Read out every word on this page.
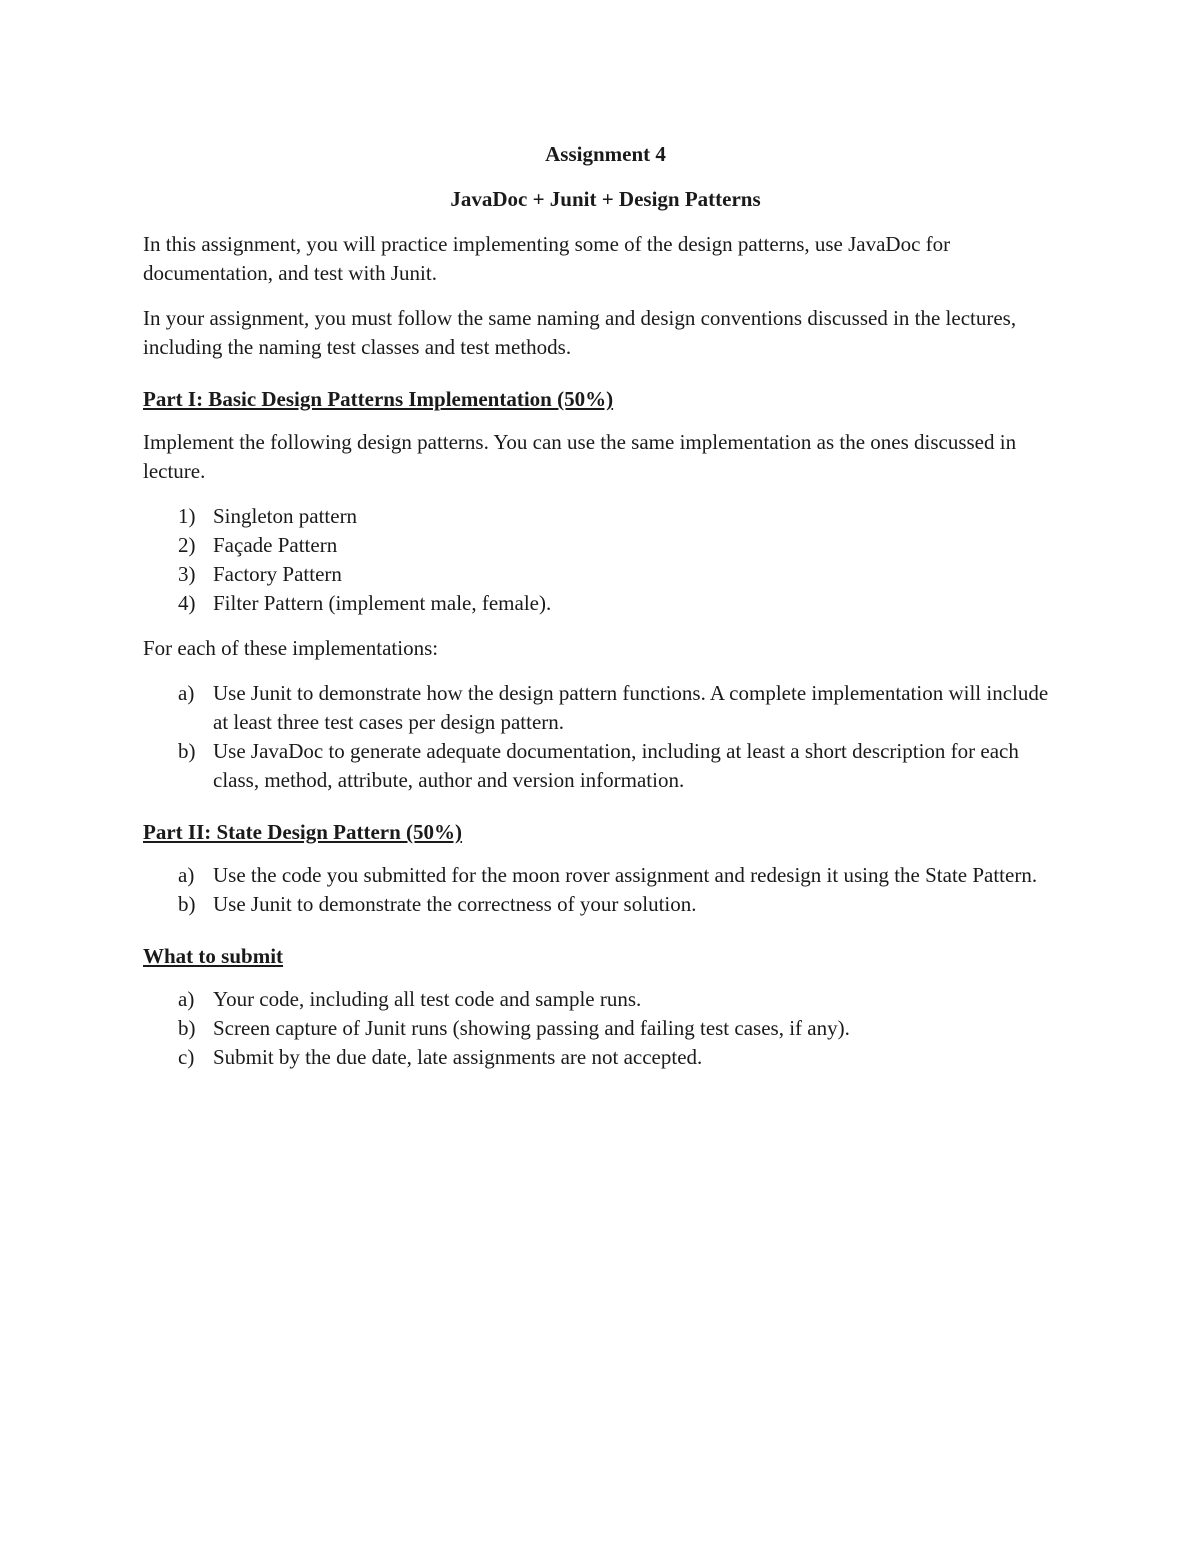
Assignment 4
JavaDoc + Junit + Design Patterns

In this assignment, you will practice implementing some of the design patterns, use JavaDoc for documentation, and test with Junit.

In your assignment, you must follow the same naming and design conventions discussed in the lectures, including the naming test classes and test methods.

Part I: Basic Design Patterns Implementation (50%)

Implement the following design patterns. You can use the same implementation as the ones discussed in lecture.

1) Singleton pattern
2) Façade Pattern
3) Factory Pattern
4) Filter Pattern (implement male, female).

For each of these implementations:

a) Use Junit to demonstrate how the design pattern functions. A complete implementation will include at least three test cases per design pattern.
b) Use JavaDoc to generate adequate documentation, including at least a short description for each class, method, attribute, author and version information.
Part II: State Design Pattern (50%)
a) Use the code you submitted for the moon rover assignment and redesign it using the State Pattern.
b) Use Junit to demonstrate the correctness of your solution.
What to submit
a) Your code, including all test code and sample runs.
b) Screen capture of Junit runs (showing passing and failing test cases, if any).
c) Submit by the due date, late assignments are not accepted.
